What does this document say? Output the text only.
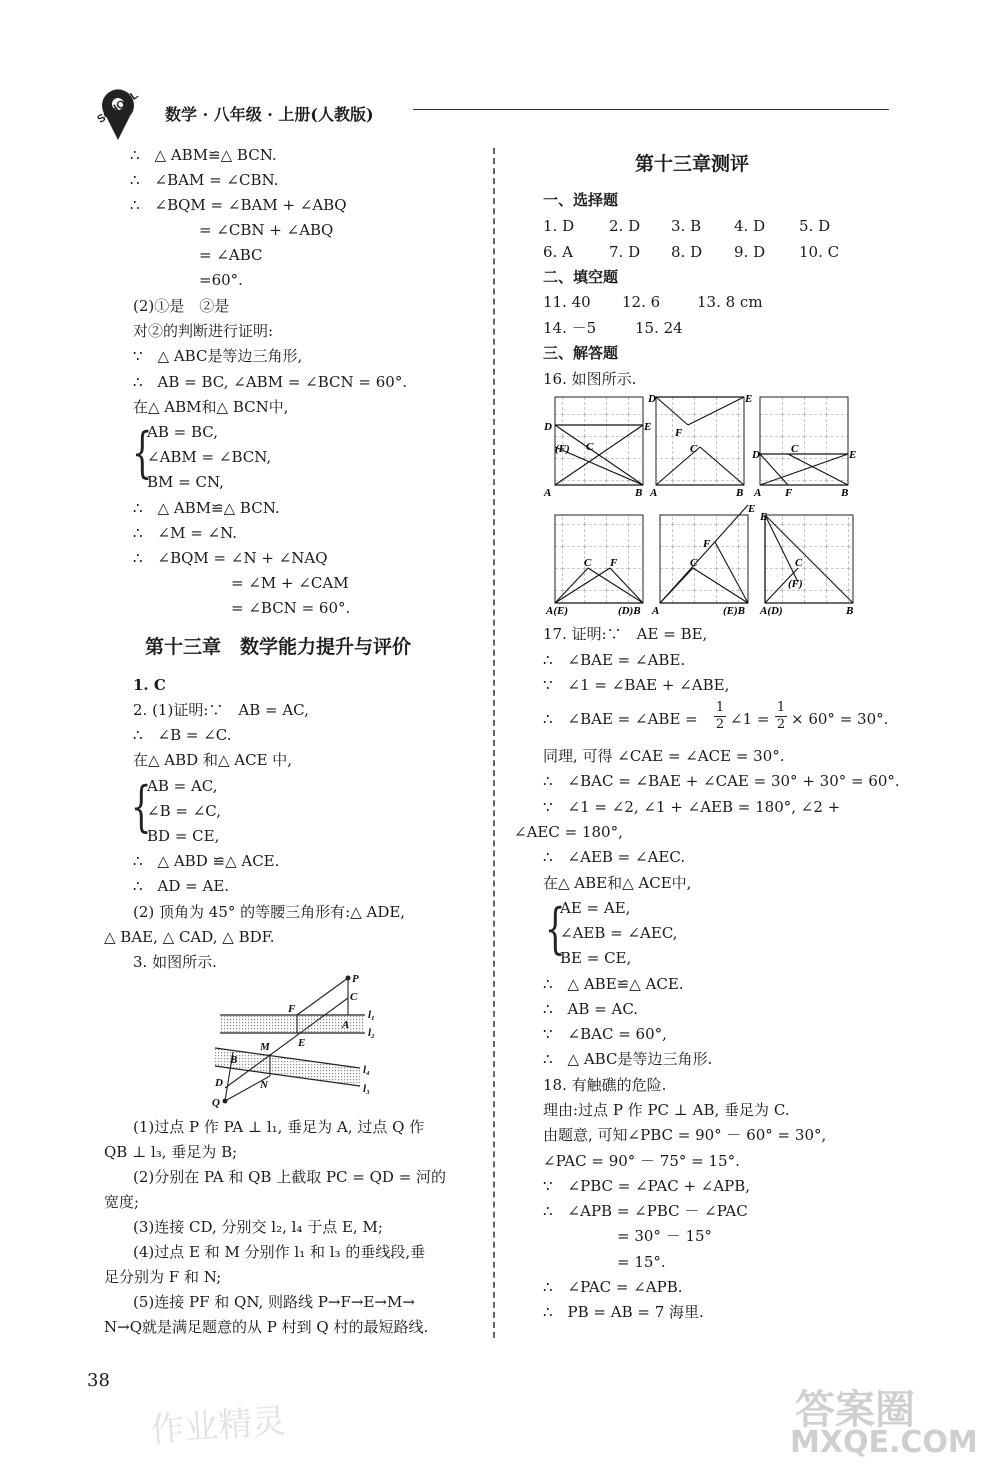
SCHOOL 数学 · 八年级 · 上册(人教版)
∴　△ ABM≌△ BCN.
∴　∠BAM = ∠CBN.
∴　∠BQM = ∠BAM + ∠ABQ
= ∠CBN + ∠ABQ
= ∠ABC
=60°.
(2)①是　②是
对②的判断进行证明:
∵　△ ABC是等边三角形,
∴　AB = BC, ∠ABM = ∠BCN = 60°.
在△ ABM和△ BCN中,
{
AB = BC,
∠ABM = ∠BCN,
BM = CN,
∴　△ ABM≌△ BCN.
∴　∠M = ∠N.
∴　∠BQM = ∠N + ∠NAQ
= ∠M + ∠CAM
= ∠BCN = 60°.
第十三章　数学能力提升与评价
1. C
2. (1)证明:∵　AB = AC,
∴　∠B = ∠C.
在△ ABD 和△ ACE 中,
{
AB = AC,
∠B = ∠C,
BD = CE,
∴　△ ABD ≌△ ACE.
∴　AD = AE.
(2) 顶角为 45° 的等腰三角形有:△ ADE,
△ BAE, △ CAD, △ BDF.
3. 如图所示.
P
C
F
A
E
M
B
N
D
Q
l₁
l₂
l₄
l₃
(1)过点 P 作 PA ⊥ l₁, 垂足为 A, 过点 Q 作
QB ⊥ l₃, 垂足为 B;
(2)分别在 PA 和 QB 上截取 PC = QD = 河的
宽度;
(3)连接 CD, 分别交 l₂, l₄ 于点 E, M;
(4)过点 E 和 M 分别作 l₁ 和 l₃ 的垂线段,垂
足分别为 F 和 N;
(5)连接 PF 和 QN, 则路线 P→F→E→M→
N→Q就是满足题意的从 P 村到 Q 村的最短路线.
第十三章测评
一、选择题
1. D 2. D 3. B 4. D 5. D
6. A 7. D 8. D 9. D 10. C
二、填空题
11. 40 12. 6 13. 8 cm
14. －5	15. 24
三、解答题
16. 如图所示.
A	B
C
D	E
(F)
A	B
C
D	E
F
A	B
C
D	E
F
A(E)	(D)B
C F
A	(E)B
C
F
E
A(D)	B
C
E
(F)
17. 证明:∵　AE = BE,
∴　∠BAE = ∠ABE.
∵　∠1 = ∠BAE + ∠ABE,
∴　∠BAE = ∠ABE = $\frac{1}{2}$ ∠1 = $\frac{1}{2} \times 60^\circ = 30^\circ$.
同理, 可得 ∠CAE = ∠ACE = 30°.
∴　∠BAC = ∠BAE + ∠CAE = 30° + 30° = 60°.
∵　∠1 = ∠2, ∠1 + ∠AEB = 180°, ∠2 +
∠AEC = 180°,
∴　∠AEB = ∠AEC.
在△ ABE和△ ACE中,
{
AE = AE,
∠AEB = ∠AEC,
BE = CE,
∴　△ ABE≌△ ACE.
∴　AB = AC.
∵　∠BAC = 60°,
∴　△ ABC是等边三角形.
18. 有触礁的危险.
理由:过点 P 作 PC ⊥ AB, 垂足为 C.
由题意, 可知∠PBC = 90° － 60° = 30°,
∠PAC = 90° － 75° = 15°.
∵　∠PBC = ∠PAC + ∠APB,
∴　∠APB = ∠PBC － ∠PAC
= 30° － 15°
= 15°.
∴　∠PAC = ∠APB.
∴　PB = AB = 7 海里.
38
作业精灵	答案圈
MXQE.COM
